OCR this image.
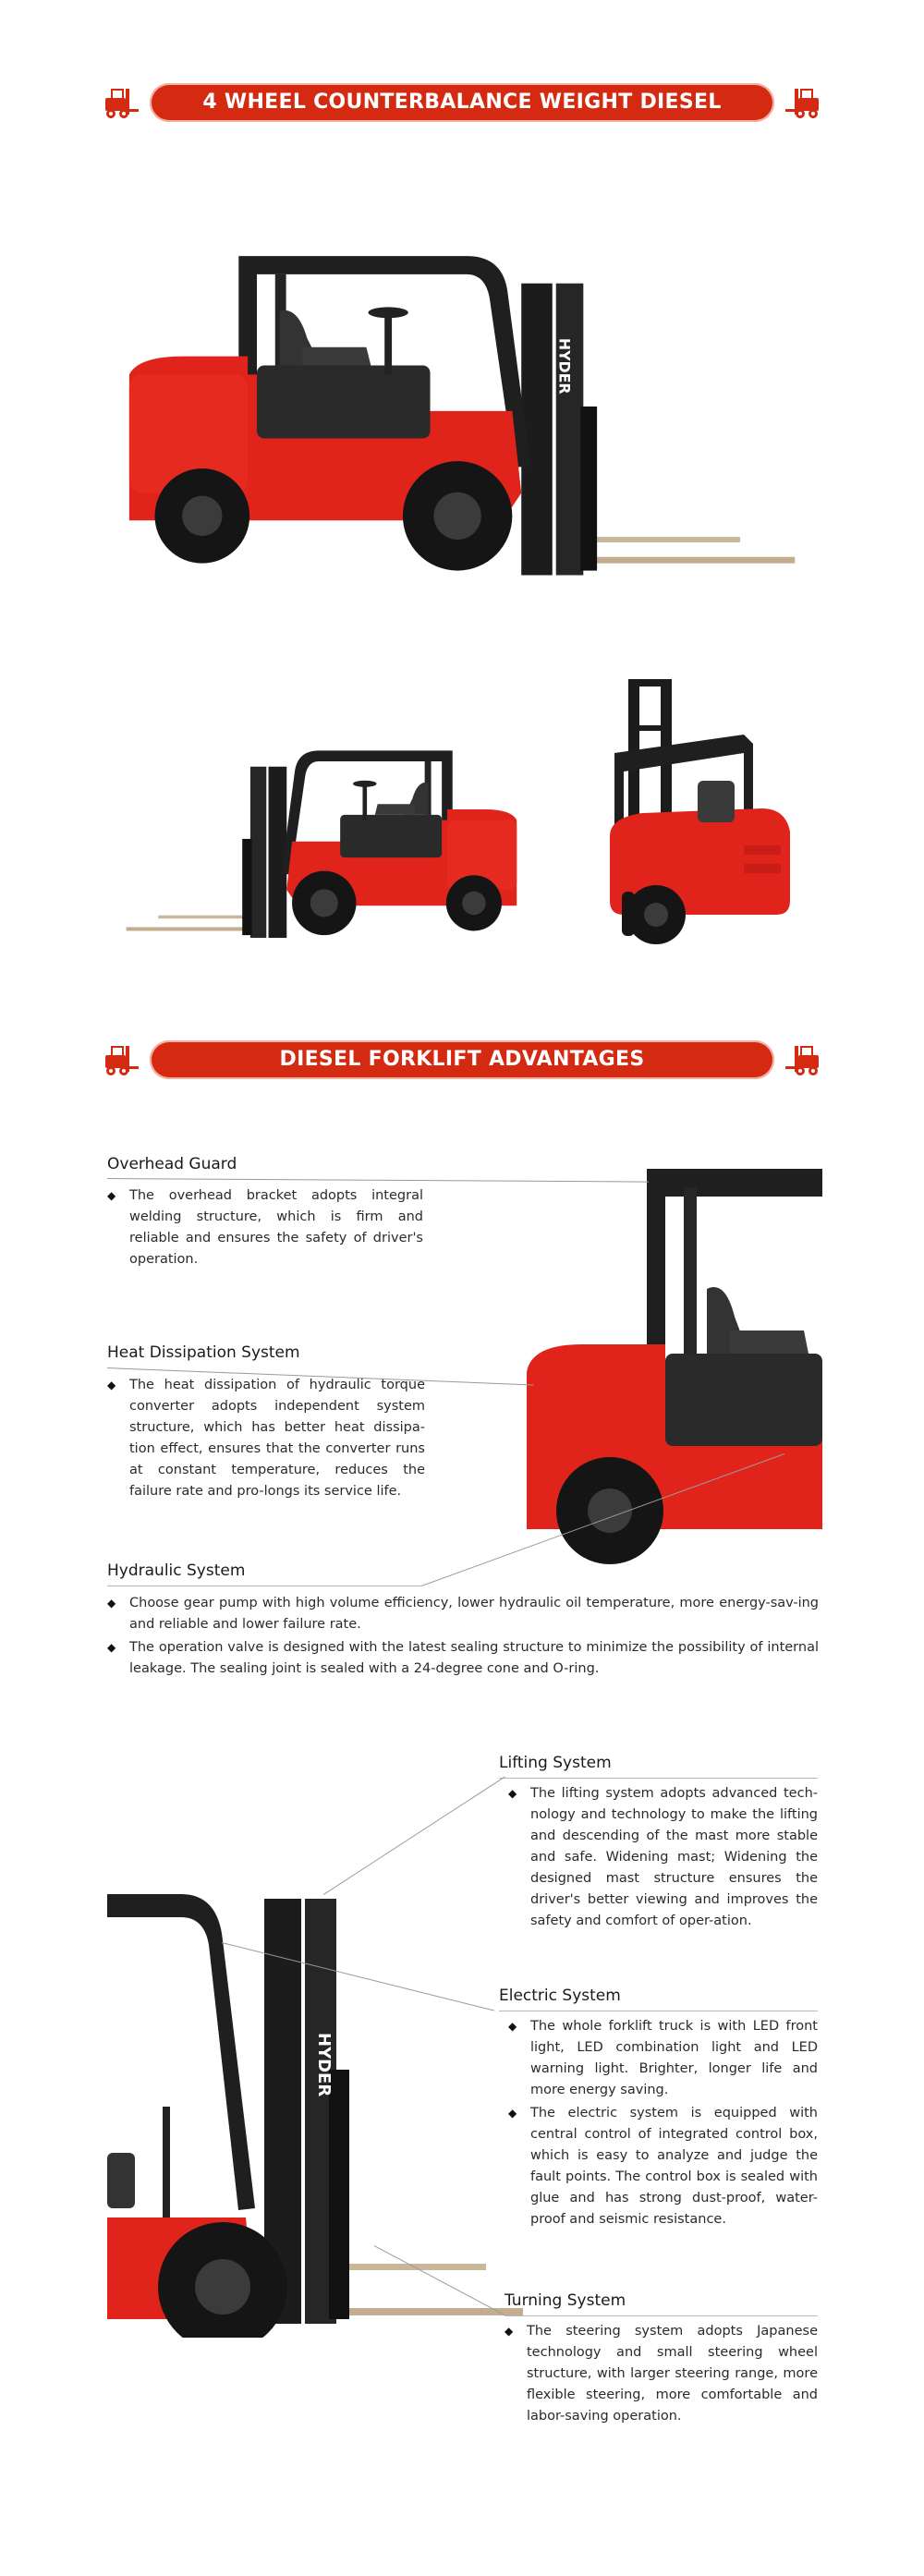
4 WHEEL COUNTERBALANCE WEIGHT DIESEL FORKLIFT
HYDER
DIESEL FORKLIFT ADVANTAGES
Overhead Guard
◆ The overhead bracket adopts integral welding structure, which is firm and reliable and ensures the safety of driver's operation.
Heat Dissipation System
◆ The heat dissipation of hydraulic torque converter adopts independent system structure, which has better heat dissipa-tion effect, ensures that the converter runs at constant temperature, reduces the failure rate and pro-longs its service life.
Hydraulic System
◆ Choose gear pump with high volume efficiency, lower hydraulic oil temperature, more energy-sav-ing and reliable and lower failure rate.
◆ The operation valve is designed with the latest sealing structure to minimize the possibility of internal leakage. The sealing joint is sealed with a 24-degree cone and O-ring.
HYDER
Lifting System
◆ The lifting system adopts advanced tech-nology and technology to make the lifting and descending of the mast more stable and safe. Widening mast; Widening the designed mast structure ensures the driver's better viewing and improves the safety and comfort of oper-ation.
Electric System
◆ The whole forklift truck is with LED front light, LED combination light and LED warning light. Brighter, longer life and more energy saving.
◆ The electric system is equipped with central control of integrated control box, which is easy to analyze and judge the fault points. The control box is sealed with glue and has strong dust-proof, water-proof and seismic resistance.
Turning System
◆ The steering system adopts Japanese technology and small steering wheel structure, with larger steering range, more flexible steering, more comfortable and labor-saving operation.
